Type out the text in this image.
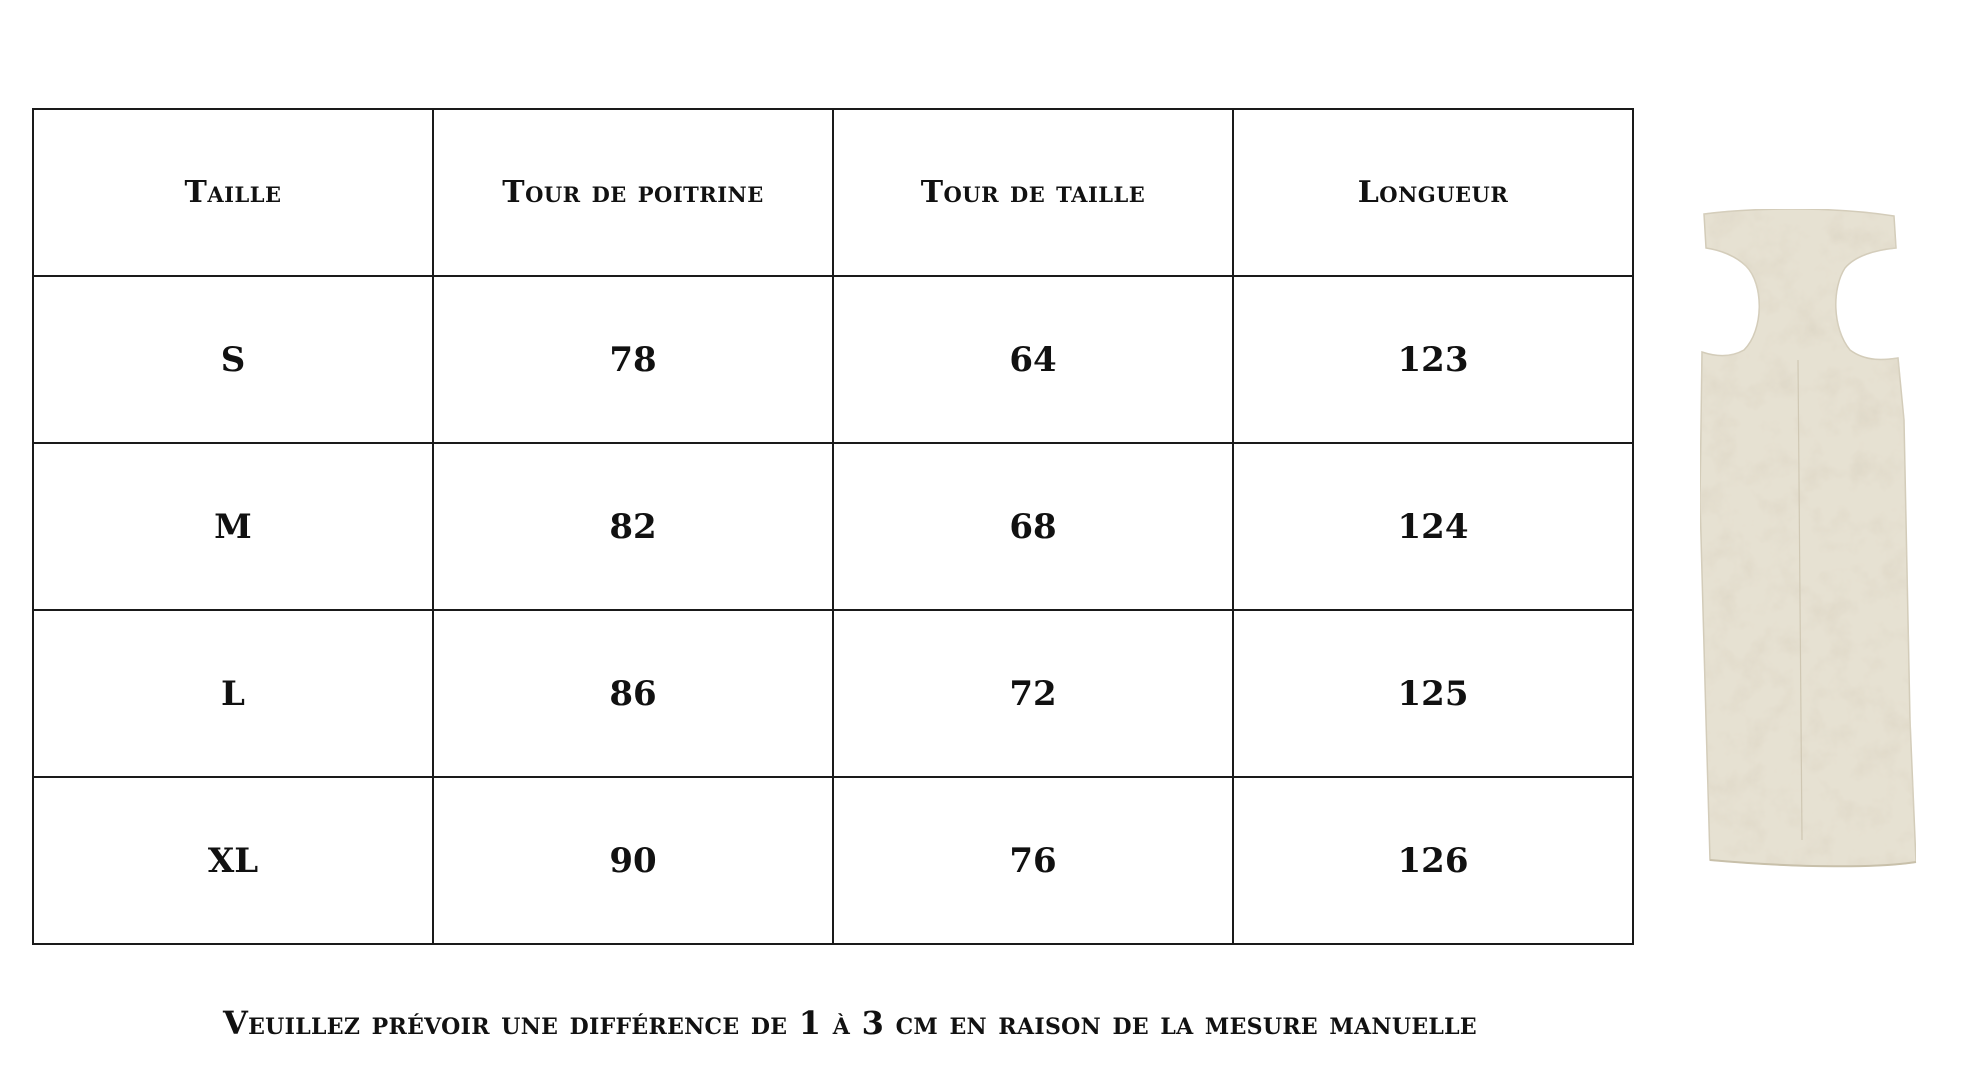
Taille	Tour de poitrine	Tour de taille	Longueur
S	78	64	123
M	82	68	124
L	86	72	125
XL	90	76	126
Veuillez prévoir une différence de 1 à 3 cm en raison de la mesure manuelle
